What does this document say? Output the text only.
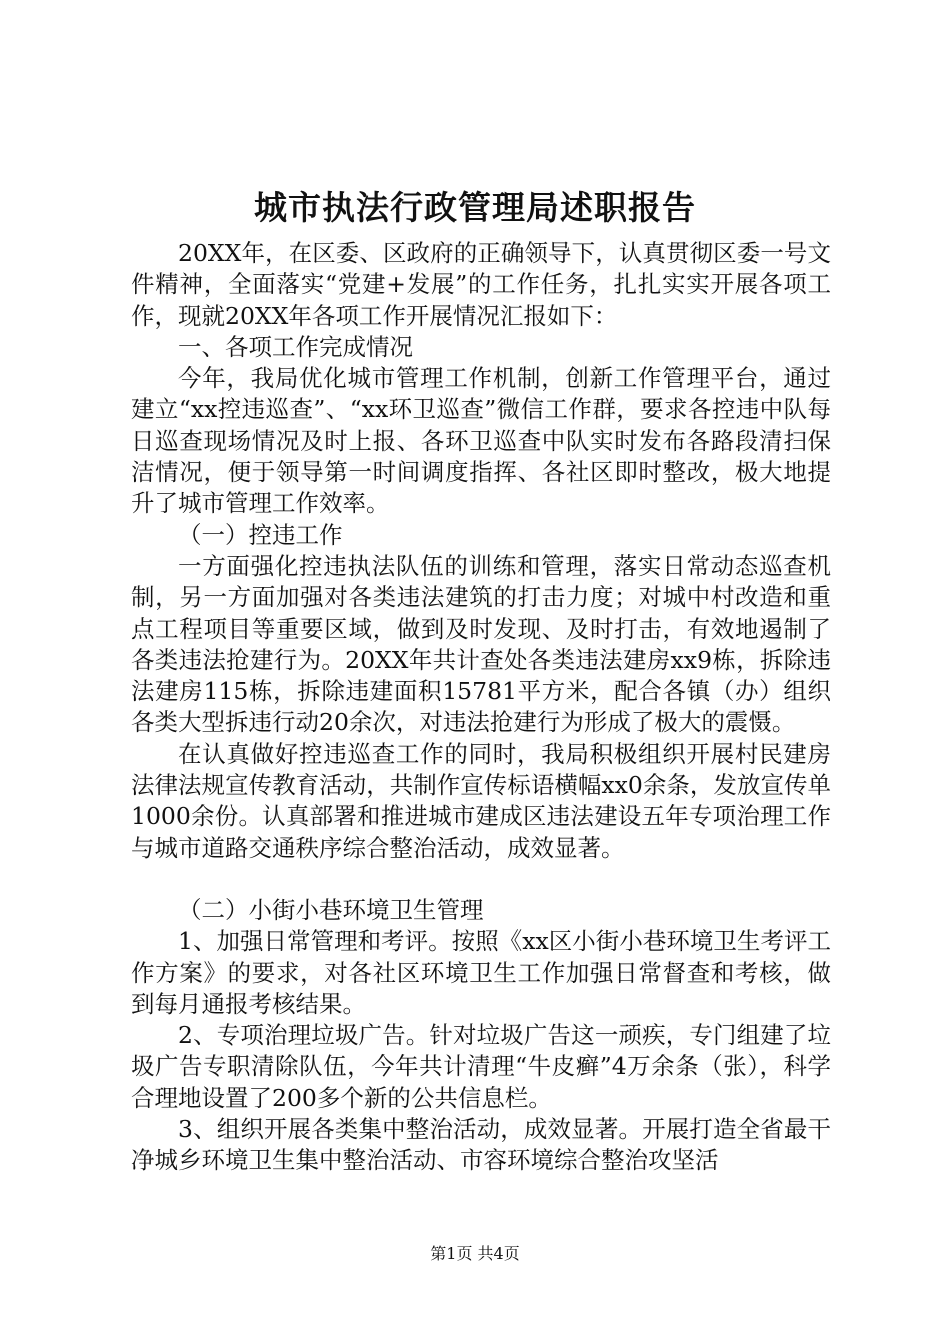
城市执法行政管理局述职报告

20XX年，在区委、区政府的正确领导下，认真贯彻区委一号文件精神，全面落实“党建+发展”的工作任务，扎扎实实开展各项工作，现就20XX年各项工作开展情况汇报如下：

一、各项工作完成情况

今年，我局优化城市管理工作机制，创新工作管理平台，通过建立“xx控违巡查”、“xx环卫巡查”微信工作群，要求各控违中队每日巡查现场情况及时上报、各环卫巡查中队实时发布各路段清扫保洁情况，便于领导第一时间调度指挥、各社区即时整改，极大地提升了城市管理工作效率。

（一）控违工作

一方面强化控违执法队伍的训练和管理，落实日常动态巡查机制，另一方面加强对各类违法建筑的打击力度；对城中村改造和重点工程项目等重要区域，做到及时发现、及时打击，有效地遏制了各类违法抢建行为。20XX年共计查处各类违法建房xx9栋，拆除违法建房115栋，拆除违建面积15781平方米，配合各镇（办）组织各类大型拆违行动20余次，对违法抢建行为形成了极大的震慑。

在认真做好控违巡查工作的同时，我局积极组织开展村民建房法律法规宣传教育活动，共制作宣传标语横幅xx0余条，发放宣传单1000余份。认真部署和推进城市建成区违法建设五年专项治理工作与城市道路交通秩序综合整治活动，成效显著。

（二）小街小巷环境卫生管理

1、加强日常管理和考评。按照《xx区小街小巷环境卫生考评工作方案》的要求，对各社区环境卫生工作加强日常督查和考核，做到每月通报考核结果。

2、专项治理垃圾广告。针对垃圾广告这一顽疾，专门组建了垃圾广告专职清除队伍，今年共计清理“牛皮癣”4万余条（张），科学合理地设置了200多个新的公共信息栏。

3、组织开展各类集中整治活动，成效显著。开展打造全省最干净城乡环境卫生集中整治活动、市容环境综合整治攻坚活

第1页 共4页
